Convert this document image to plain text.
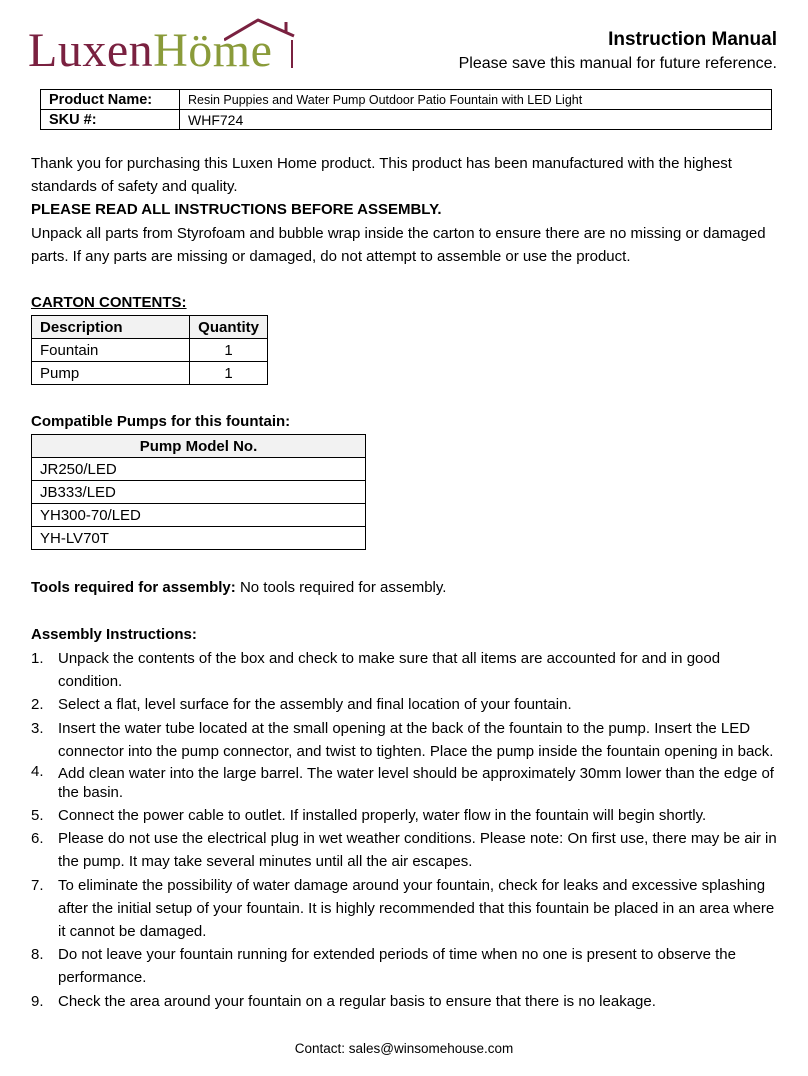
LuxenHöme	Instruction Manual
Please save this manual for future reference.
Product Name:	Resin Puppies and Water Pump Outdoor Patio Fountain with LED Light
SKU #:	WHF724

Thank you for purchasing this Luxen Home product. This product has been manufactured with the highest standards of safety and quality.

PLEASE READ ALL INSTRUCTIONS BEFORE ASSEMBLY.

Unpack all parts from Styrofoam and bubble wrap inside the carton to ensure there are no missing or damaged parts. If any parts are missing or damaged, do not attempt to assemble or use the product.

CARTON CONTENTS:
Description	Quantity
Fountain	1
Pump	1
Compatible Pumps for this fountain:
Pump Model No.
JR250/LED
JB333/LED
YH300-70/LED
YH-LV70T
Tools required for assembly: No tools required for assembly.
Assembly Instructions:
1. Unpack the contents of the box and check to make sure that all items are accounted for and in good condition.
2. Select a flat, level surface for the assembly and final location of your fountain.
3. Insert the water tube located at the small opening at the back of the fountain to the pump. Insert the LED connector into the pump connector, and twist to tighten. Place the pump inside the fountain opening in back.
4. Add clean water into the large barrel. The water level should be approximately 30mm lower than the edge of the basin.
5. Connect the power cable to outlet. If installed properly, water flow in the fountain will begin shortly.
6. Please do not use the electrical plug in wet weather conditions. Please note: On first use, there may be air in the pump. It may take several minutes until all the air escapes.
7. To eliminate the possibility of water damage around your fountain, check for leaks and excessive splashing after the initial setup of your fountain. It is highly recommended that this fountain be placed in an area where it cannot be damaged.
8. Do not leave your fountain running for extended periods of time when no one is present to observe the performance.
9. Check the area around your fountain on a regular basis to ensure that there is no leakage.
Contact: sales@winsomehouse.com
